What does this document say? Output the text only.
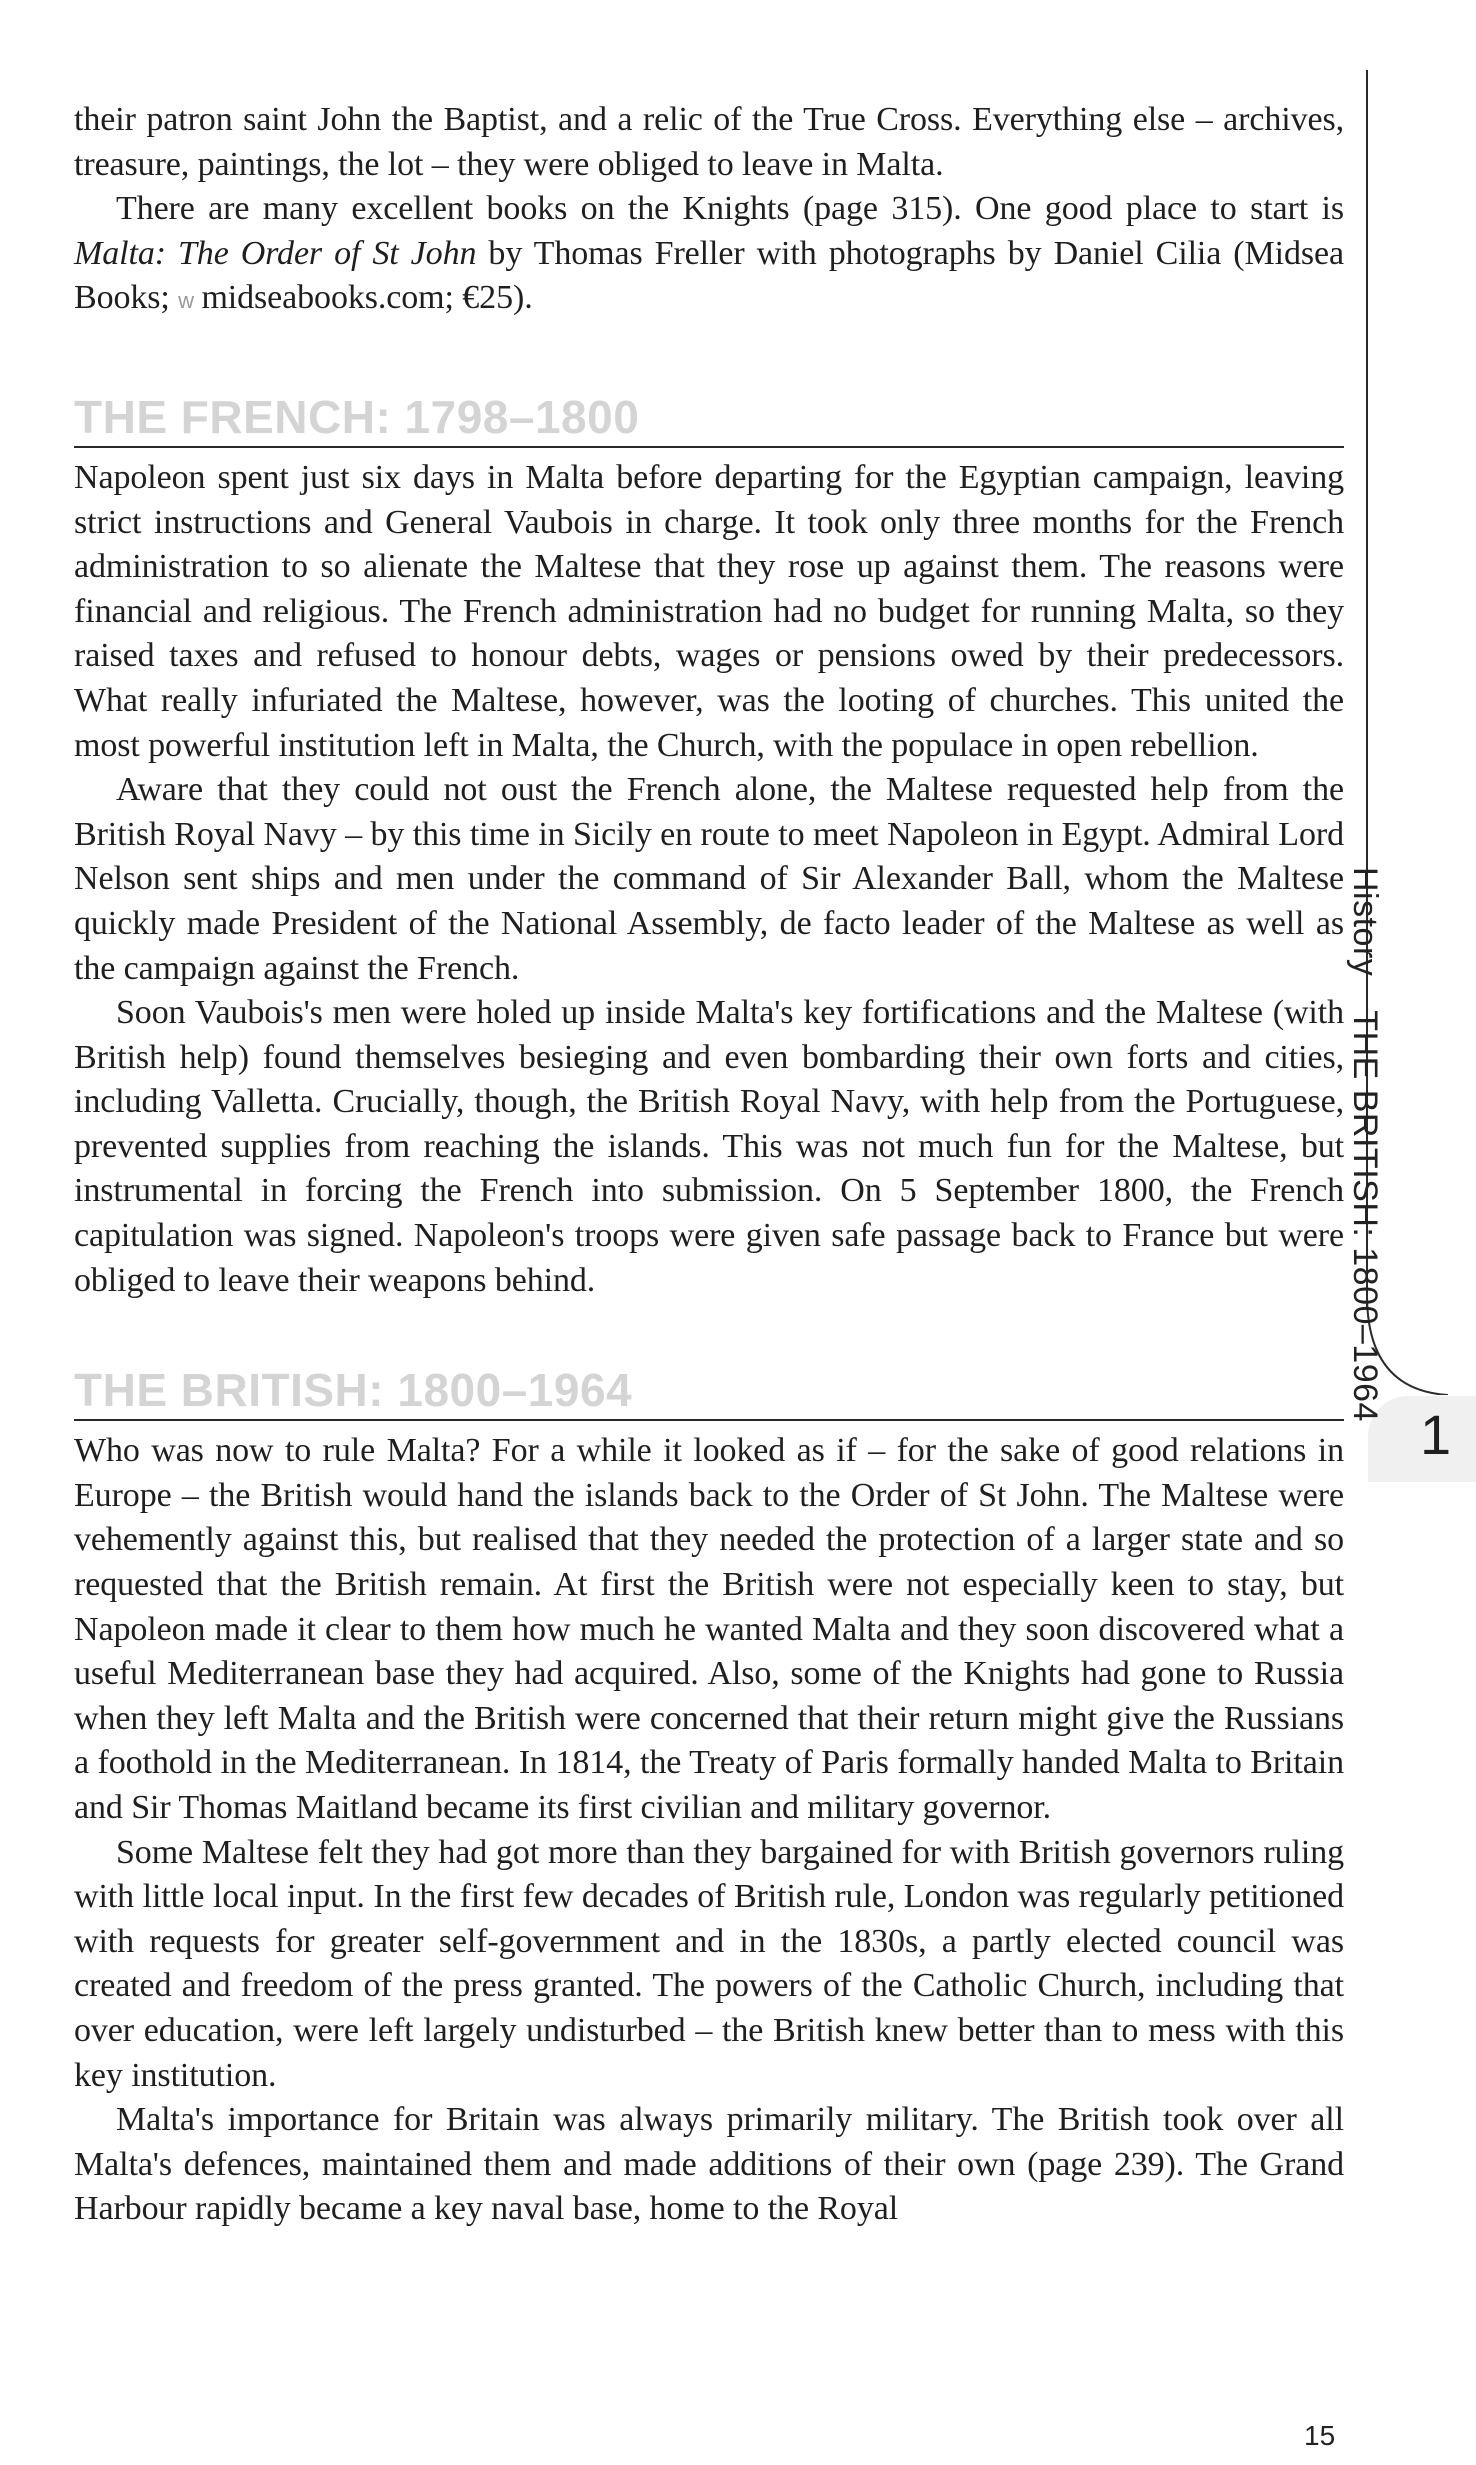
their patron saint John the Baptist, and a relic of the True Cross. Everything else – archives, treasure, paintings, the lot – they were obliged to leave in Malta.

There are many excellent books on the Knights (page 315). One good place to start is Malta: The Order of St John by Thomas Freller with photographs by Daniel Cilia (Midsea Books; w midseabooks.com; €25).

THE FRENCH: 1798–1800

Napoleon spent just six days in Malta before departing for the Egyptian campaign, leaving strict instructions and General Vaubois in charge. It took only three months for the French administration to so alienate the Maltese that they rose up against them. The reasons were financial and religious. The French administration had no budget for running Malta, so they raised taxes and refused to honour debts, wages or pensions owed by their predecessors. What really infuriated the Maltese, however, was the looting of churches. This united the most powerful institution left in Malta, the Church, with the populace in open rebellion.

Aware that they could not oust the French alone, the Maltese requested help from the British Royal Navy – by this time in Sicily en route to meet Napoleon in Egypt. Admiral Lord Nelson sent ships and men under the command of Sir Alexander Ball, whom the Maltese quickly made President of the National Assembly, de facto leader of the Maltese as well as the campaign against the French.

Soon Vaubois's men were holed up inside Malta's key fortifications and the Maltese (with British help) found themselves besieging and even bombarding their own forts and cities, including Valletta. Crucially, though, the British Royal Navy, with help from the Portuguese, prevented supplies from reaching the islands. This was not much fun for the Maltese, but instrumental in forcing the French into submission. On 5 September 1800, the French capitulation was signed. Napoleon's troops were given safe passage back to France but were obliged to leave their weapons behind.

THE BRITISH: 1800–1964

Who was now to rule Malta? For a while it looked as if – for the sake of good relations in Europe – the British would hand the islands back to the Order of St John. The Maltese were vehemently against this, but realised that they needed the protection of a larger state and so requested that the British remain. At first the British were not especially keen to stay, but Napoleon made it clear to them how much he wanted Malta and they soon discovered what a useful Mediterranean base they had acquired. Also, some of the Knights had gone to Russia when they left Malta and the British were concerned that their return might give the Russians a foothold in the Mediterranean. In 1814, the Treaty of Paris formally handed Malta to Britain and Sir Thomas Maitland became its first civilian and military governor.

Some Maltese felt they had got more than they bargained for with British governors ruling with little local input. In the first few decades of British rule, London was regularly petitioned with requests for greater self-government and in the 1830s, a partly elected council was created and freedom of the press granted. The powers of the Catholic Church, including that over education, were left largely undisturbed – the British knew better than to mess with this key institution.

Malta's importance for Britain was always primarily military. The British took over all Malta's defences, maintained them and made additions of their own (page 239). The Grand Harbour rapidly became a key naval base, home to the Royal

1
HistoryTHE BRITISH: 1800–1964
15
